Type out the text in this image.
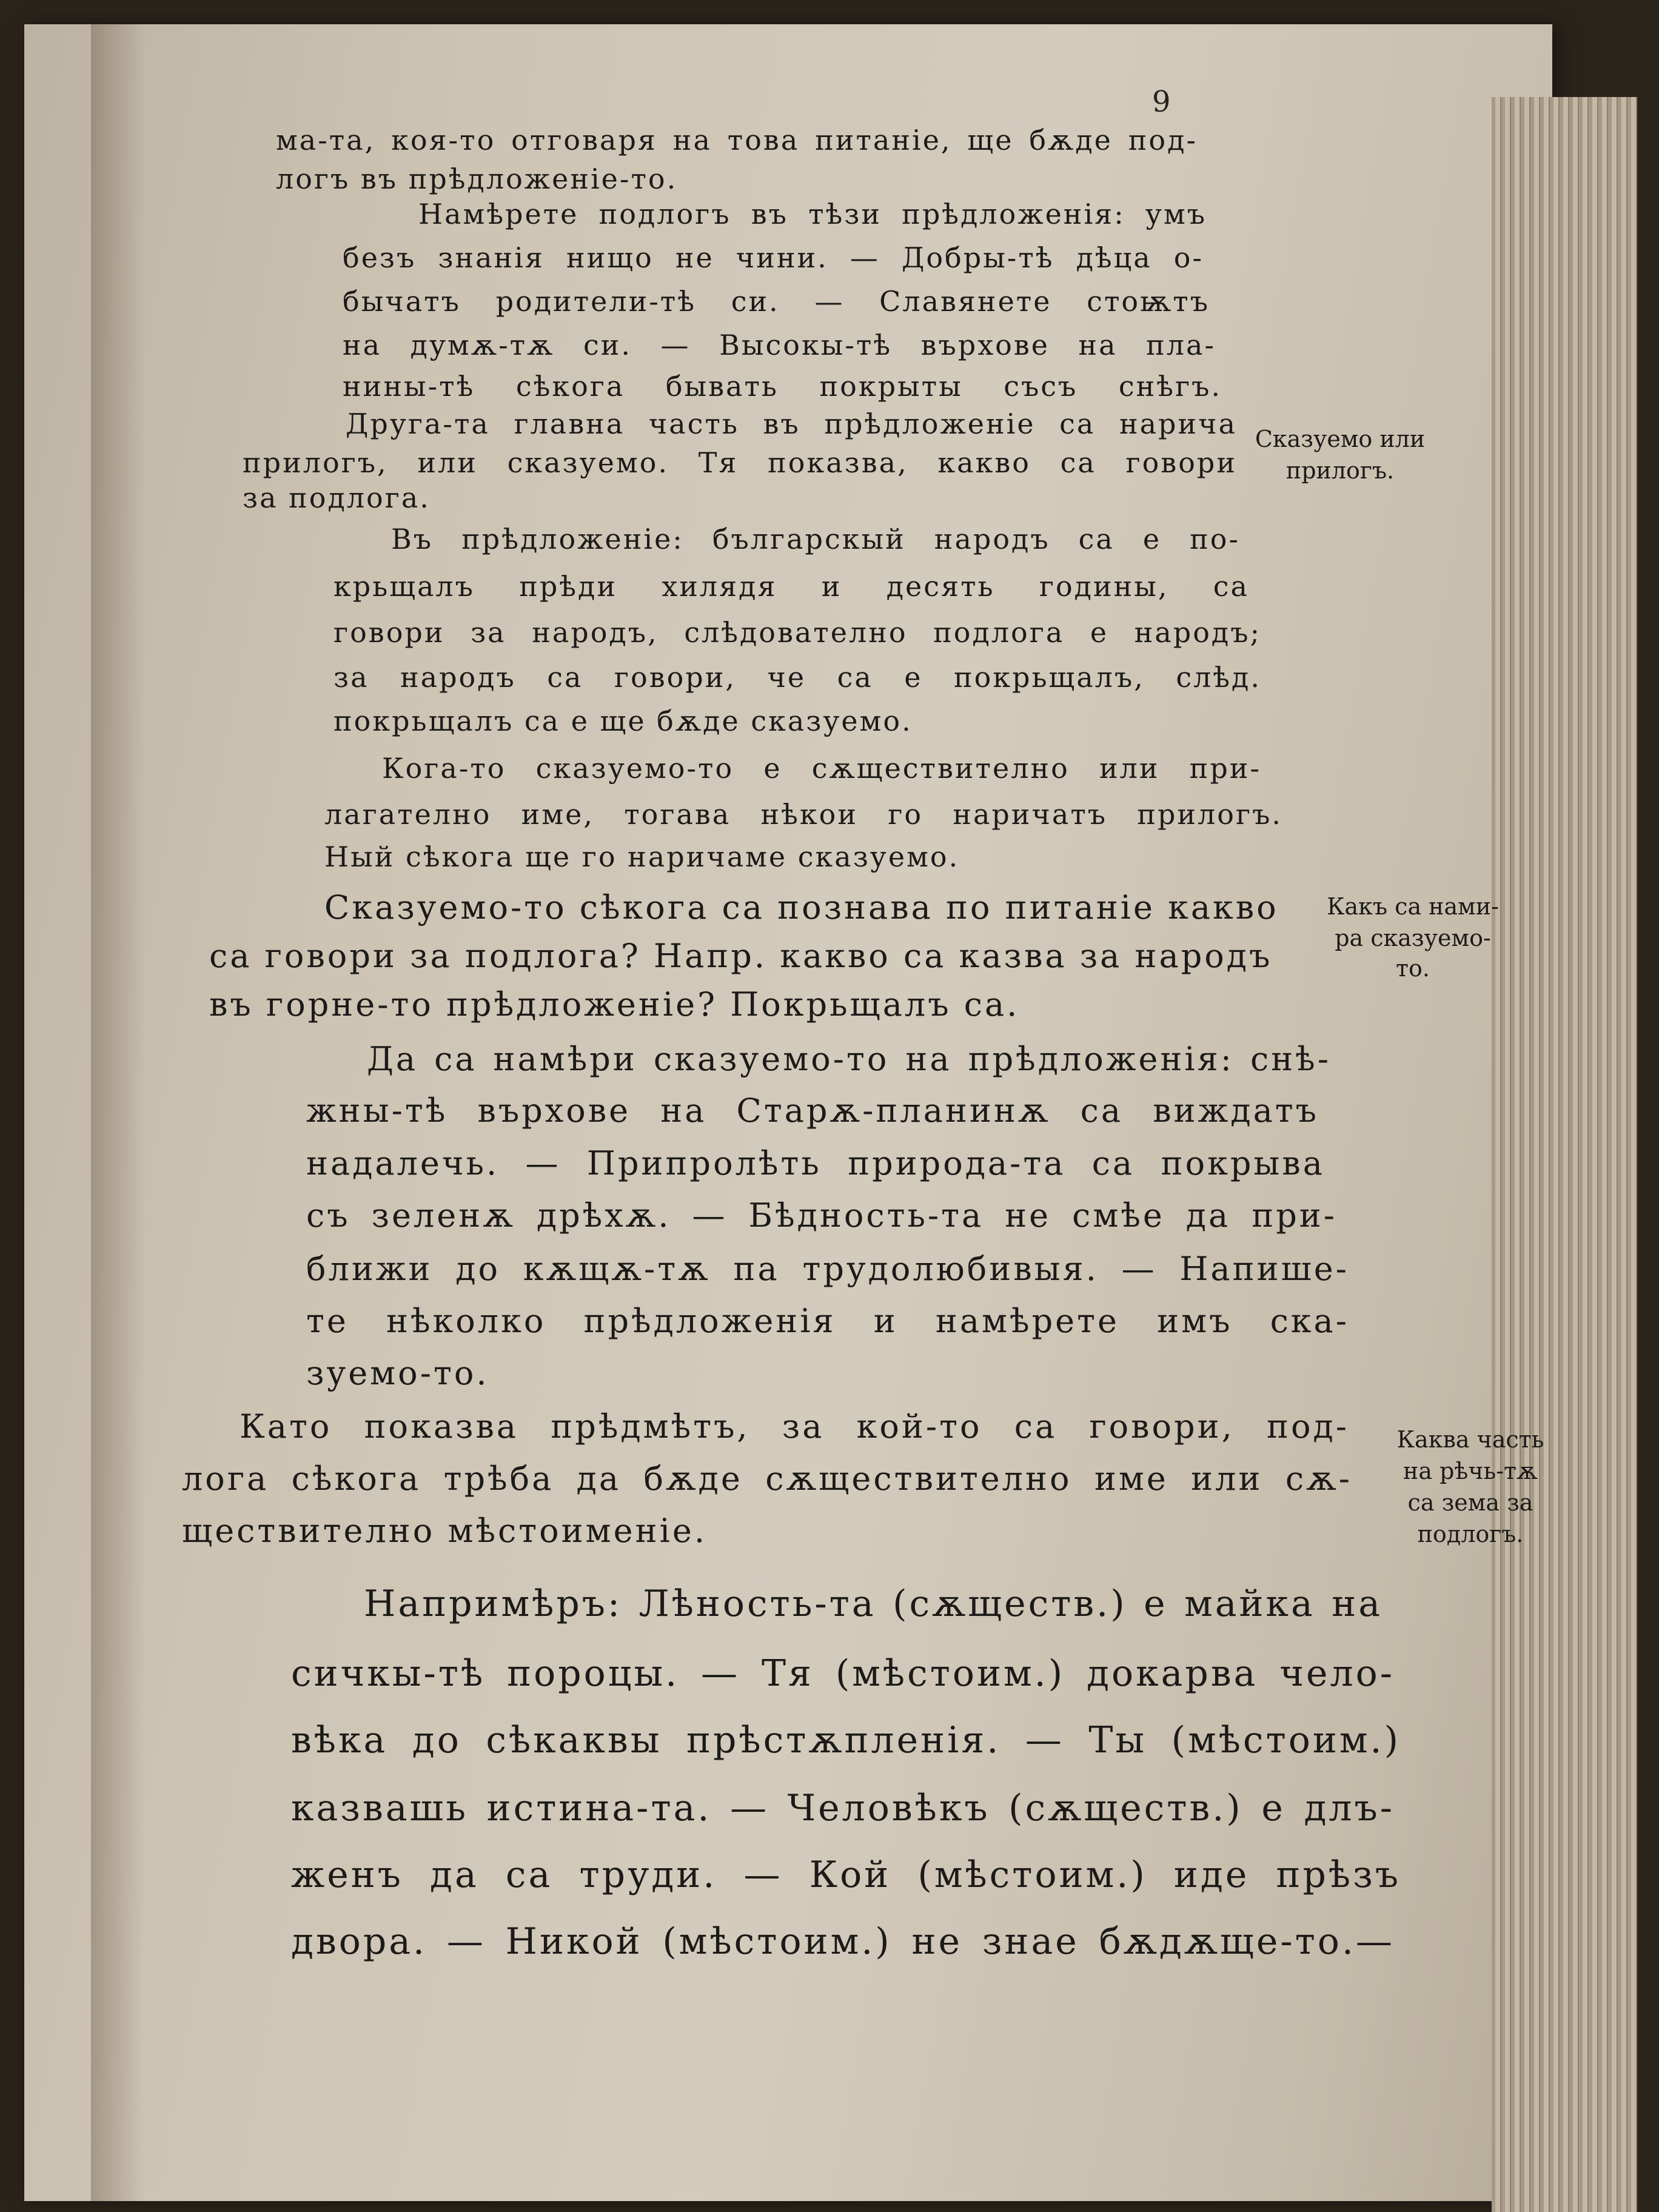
9
ма-та, коя-то отговаря на това питаніе, ще бѫде под-
логъ въ прѣдложеніе-то.
Намѣрете подлогъ въ тѣзи прѣдложенія: умъ
безъ знанія нищо не чини. — Добры-тѣ дѣца о-
бычатъ родители-тѣ си. — Славянете стоѭтъ
на думѫ-тѫ си. — Высокы-тѣ върхове на пла-
нины-тѣ сѣкога бывать покрыты съсъ снѣгъ.
Друга-та главна часть въ прѣдложеніе са нарича
прилогъ, или сказуемо. Тя показва, какво са говори
за подлога.
Въ прѣдложеніе: българскый народъ са е по-
крьщалъ прѣди хилядя и десять годины, са
говори за народъ, слѣдователно подлога е народъ;
за народъ са говори, че са е покрьщалъ, слѣд.
покрьщалъ са е ще бѫде сказуемо.
Кога-то сказуемо-то е сѫществително или при-
лагателно име, тогава нѣкои го наричатъ прилогъ.
Ный сѣкога ще го наричаме сказуемо.
Сказуемо-то сѣкога са познава по питаніе какво
са говори за подлога? Напр. какво са казва за народъ
въ горне-то прѣдложеніе? Покрьщалъ са.
Да са намѣри сказуемо-то на прѣдложенія: снѣ-
жны-тѣ върхове на Старѫ-планинѫ са виждатъ
надалечь. — Припролѣть природа-та са покрыва
съ зеленѫ дрѣхѫ. — Бѣдность-та не смѣе да при-
ближи до кѫщѫ-тѫ па трудолюбивыя. — Напише-
те нѣколко прѣдложенія и намѣрете имъ ска-
зуемо-то.
Като показва прѣдмѣтъ, за кой-то са говори, под-
лога сѣкога трѣба да бѫде сѫществително име или сѫ-
ществително мѣстоименіе.
Напримѣръ: Лѣность-та (сѫществ.) е майка на
сичкы-тѣ пороцы. — Тя (мѣстоим.) докарва чело-
вѣка до сѣкаквы прѣстѫпленія. — Ты (мѣстоим.)
казвашь истина-та. — Человѣкъ (сѫществ.) е длъ-
женъ да са труди. — Кой (мѣстоим.) иде прѣзъ
двора. — Никой (мѣстоим.) не знае бѫдѫще-то.—
Сказуемо или
прилогъ.
Какъ са нами-
ра сказуемо-
то.
Каква часть
на рѣчь-тѫ
са зема за
подлогъ.
